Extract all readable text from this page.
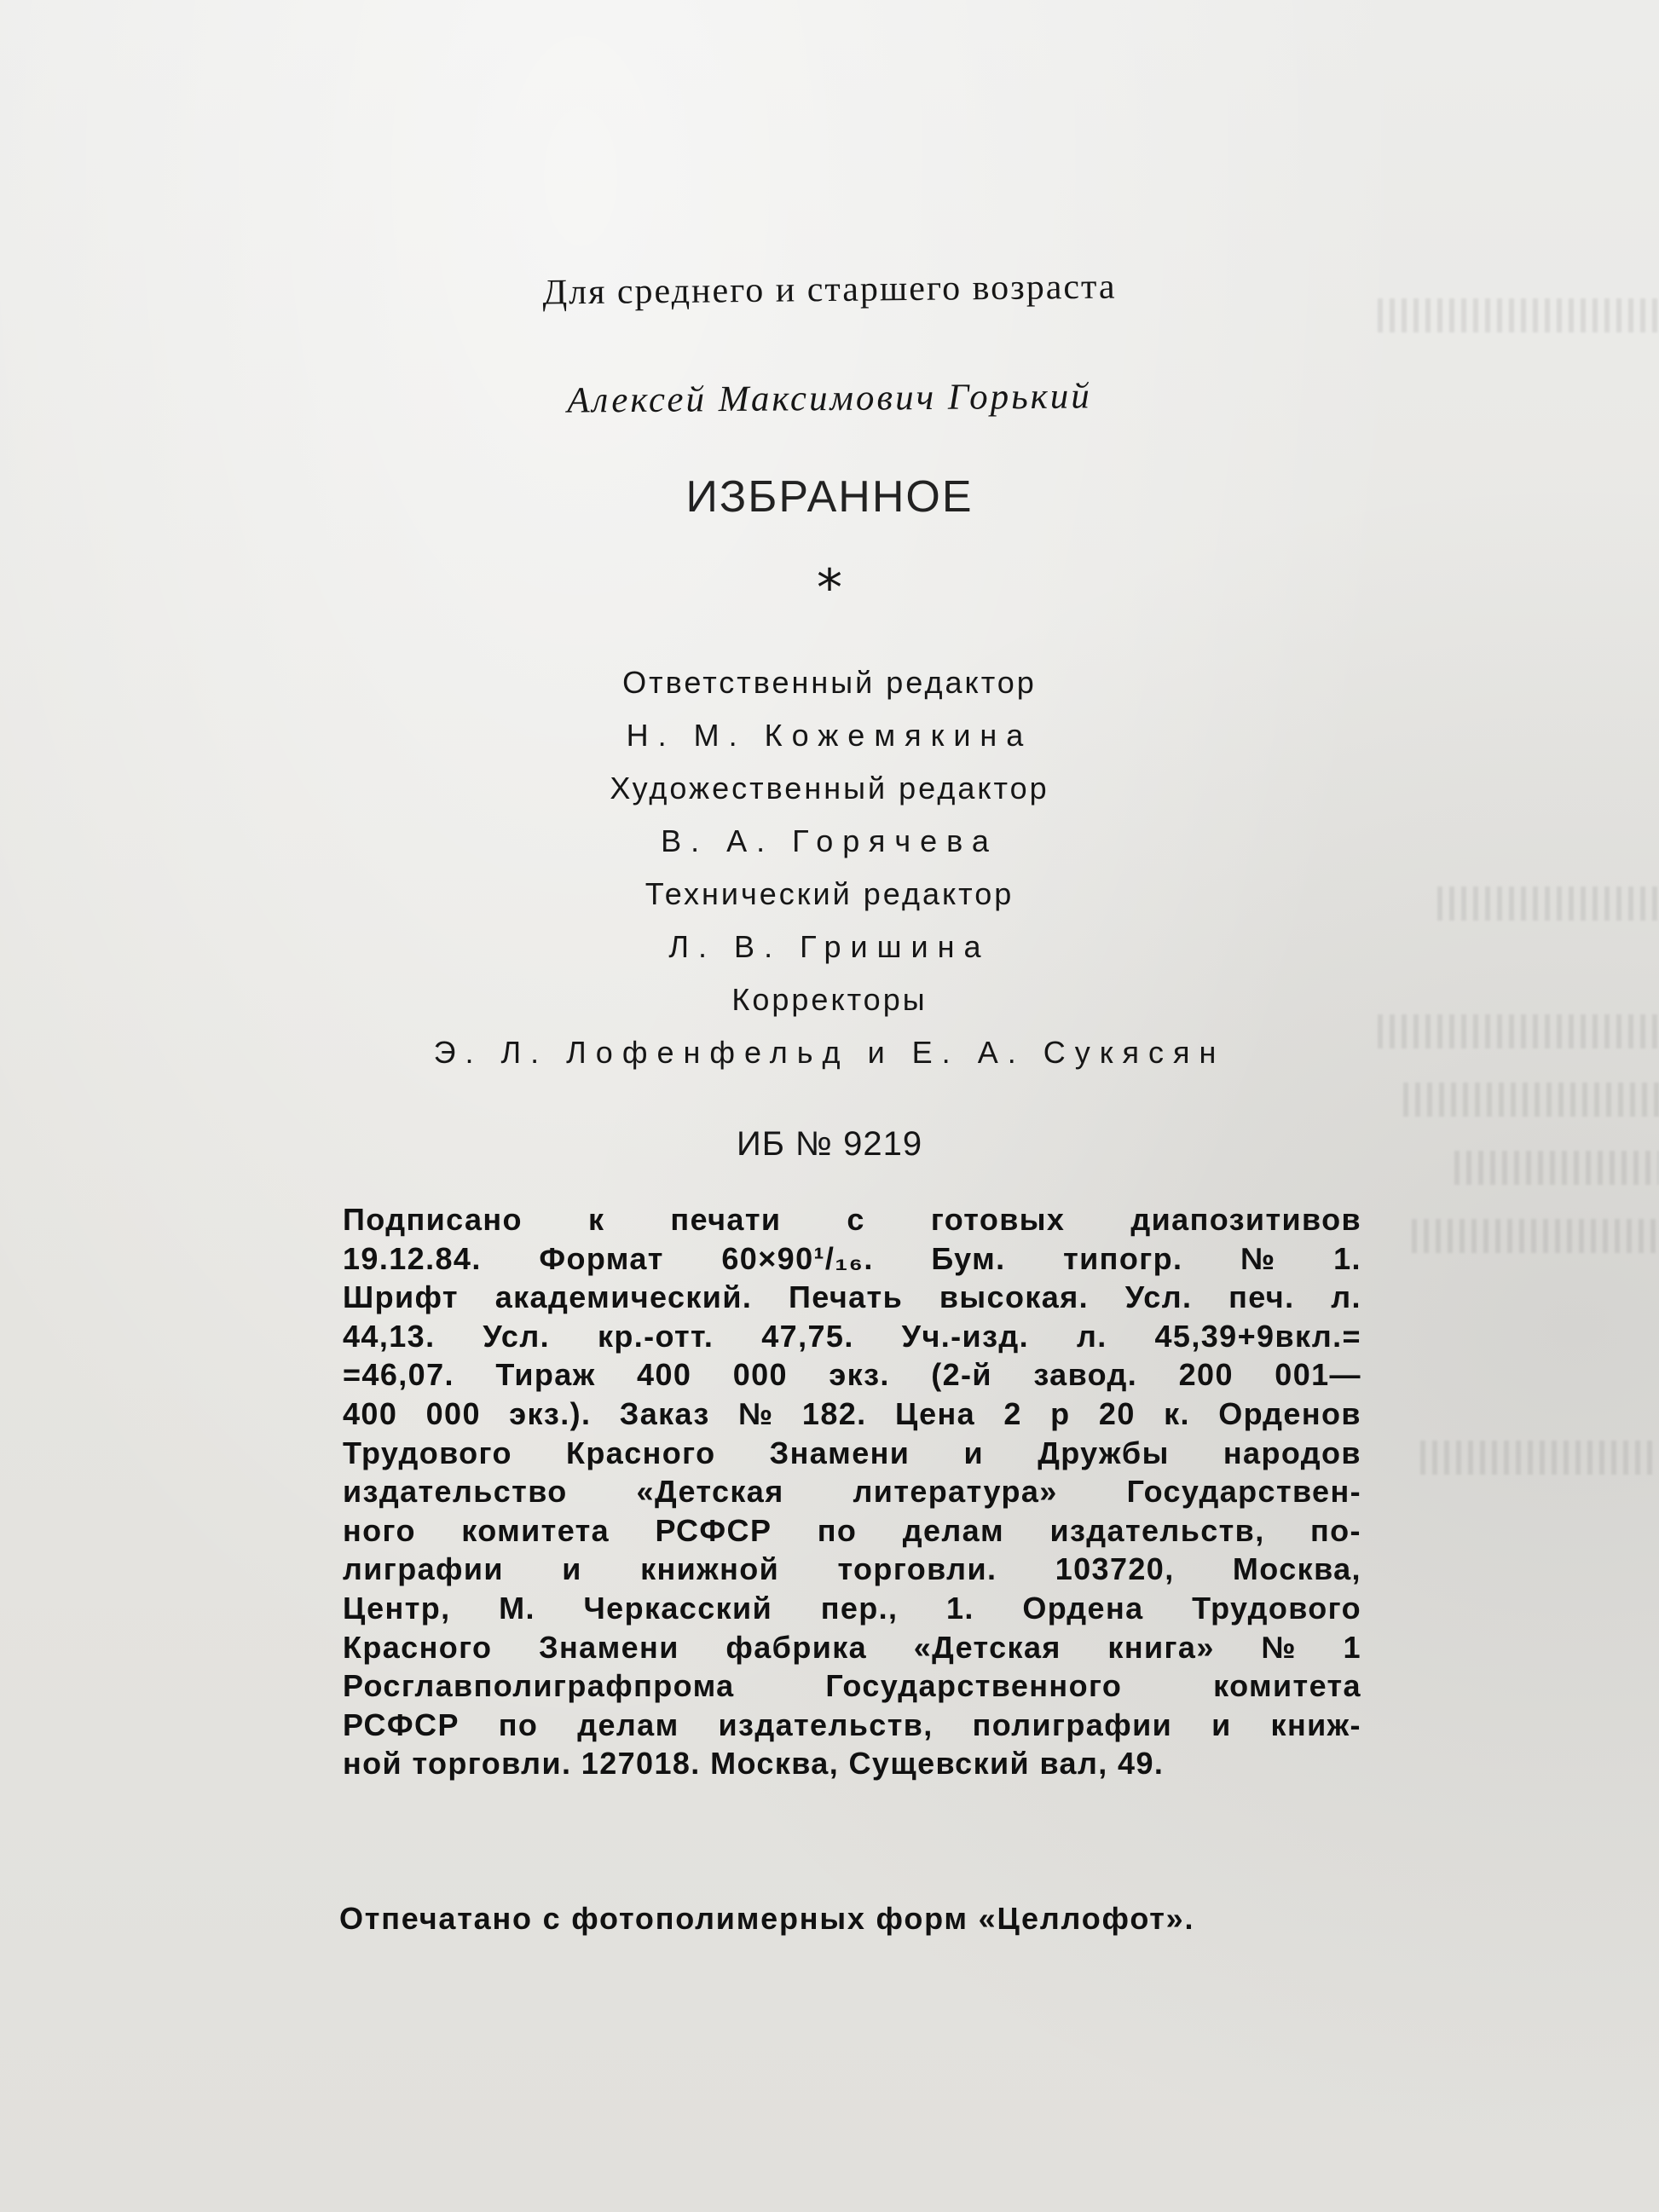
Для среднего и старшего возраста
Алексей Максимович Горький
ИЗБРАННОЕ
*
Ответственный редактор
Н. М. Кожемякина
Художественный редактор
В. А. Горячева
Технический редактор
Л. В. Гришина
Корректоры
Э. Л. Лофенфельд и Е. А. Сукясян
ИБ № 9219
Подписано к печати с готовых диапозитивов
19.12.84. Формат 60×90¹/₁₆. Бум. типогр. № 1.
Шрифт академический. Печать высокая. Усл. печ. л.
44,13. Усл. кр.-отт. 47,75. Уч.-изд. л. 45,39+9вкл.=
=46,07. Тираж 400 000 экз. (2-й завод. 200 001—
400 000 экз.). Заказ № 182. Цена 2 р 20 к. Орденов
Трудового Красного Знамени и Дружбы народов
издательство «Детская литература» Государствен-
ного комитета РСФСР по делам издательств, по-
лиграфии и книжной торговли. 103720, Москва,
Центр, М. Черкасский пер., 1. Ордена Трудового
Красного Знамени фабрика «Детская книга» № 1
Росглавполиграфпрома	Государственного	комитета
РСФСР по делам издательств, полиграфии и книж-
ной торговли. 127018. Москва, Сущевский вал, 49.
Отпечатано с фотополимерных форм «Целлофот».
